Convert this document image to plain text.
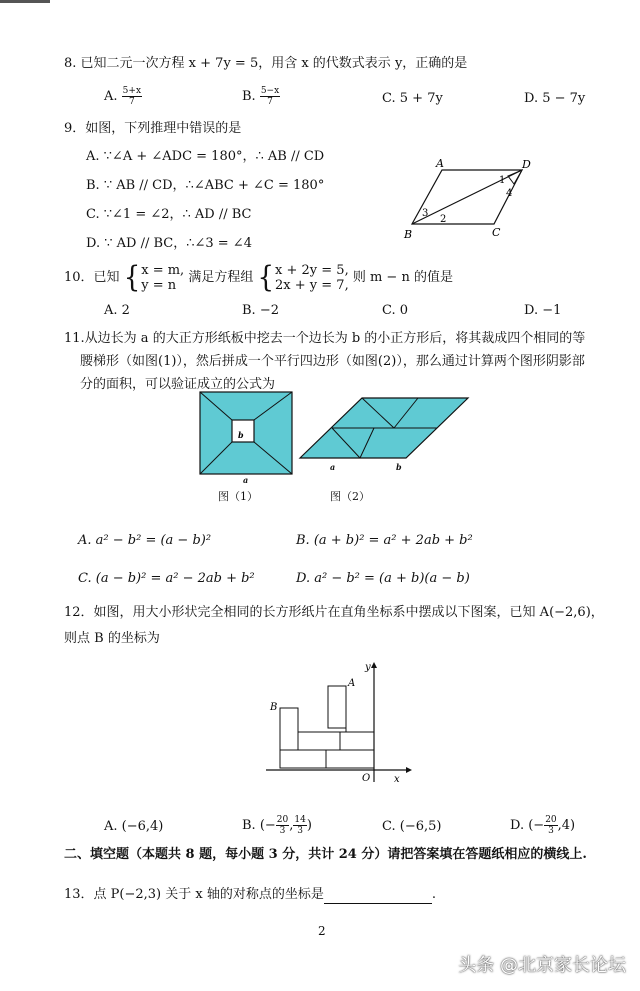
8. 已知二元一次方程 x + 7y = 5，用含 x 的代数式表示 y，正确的是
A. $\frac{5+x}{7}$	B. $\frac{5-x}{7}$	C. 5 + 7y	D. 5 − 7y
9．如图，下列推理中错误的是
A. ∵∠A + ∠ADC = 180°，∴ AB // CD
B. ∵ AB // CD，∴∠ABC + ∠C = 180°
C. ∵∠1 = ∠2，∴ AD // BC
D. ∵ AD // BC，∴∠3 = ∠4
A	D
B	C
1
2
3
4
10．已知 {x = m,
y = n 满足方程组 {x + 2y = 5,
2x + y = 7, 则 m − n 的值是
A. 2	B. −2	C. 0	D. −1
11.从边长为 a 的大正方形纸板中挖去一个边长为 b 的小正方形后，将其裁成四个相同的等
腰梯形（如图(1)），然后拼成一个平行四边形（如图(2)），那么通过计算两个图形阴影部
分的面积，可以验证成立的公式为
b
a
a	b
图（1）	图（2）
A. a² − b² = (a − b)²	B. (a + b)² = a² + 2ab + b²
C. (a − b)² = a² − 2ab + b²	D. a² − b² = (a + b)(a − b)
12．如图，用大小形状完全相同的长方形纸片在直角坐标系中摆成以下图案，已知 A(−2,6)，
则点 B 的坐标为
A
B
O x
y
A. (−6,4)	B. (− $\frac{20}{3}$ , $\frac{14}{3}$ )	C. (−6,5)	D. (− $\frac{20}{3} ,4$)
二、填空题（本题共 8 题，每小题 3 分，共计 24 分）请把答案填在答题纸相应的横线上.
13．点 P(−2,3) 关于 x 轴的对称点的坐标是	.
2
头条 @北京家长论坛
